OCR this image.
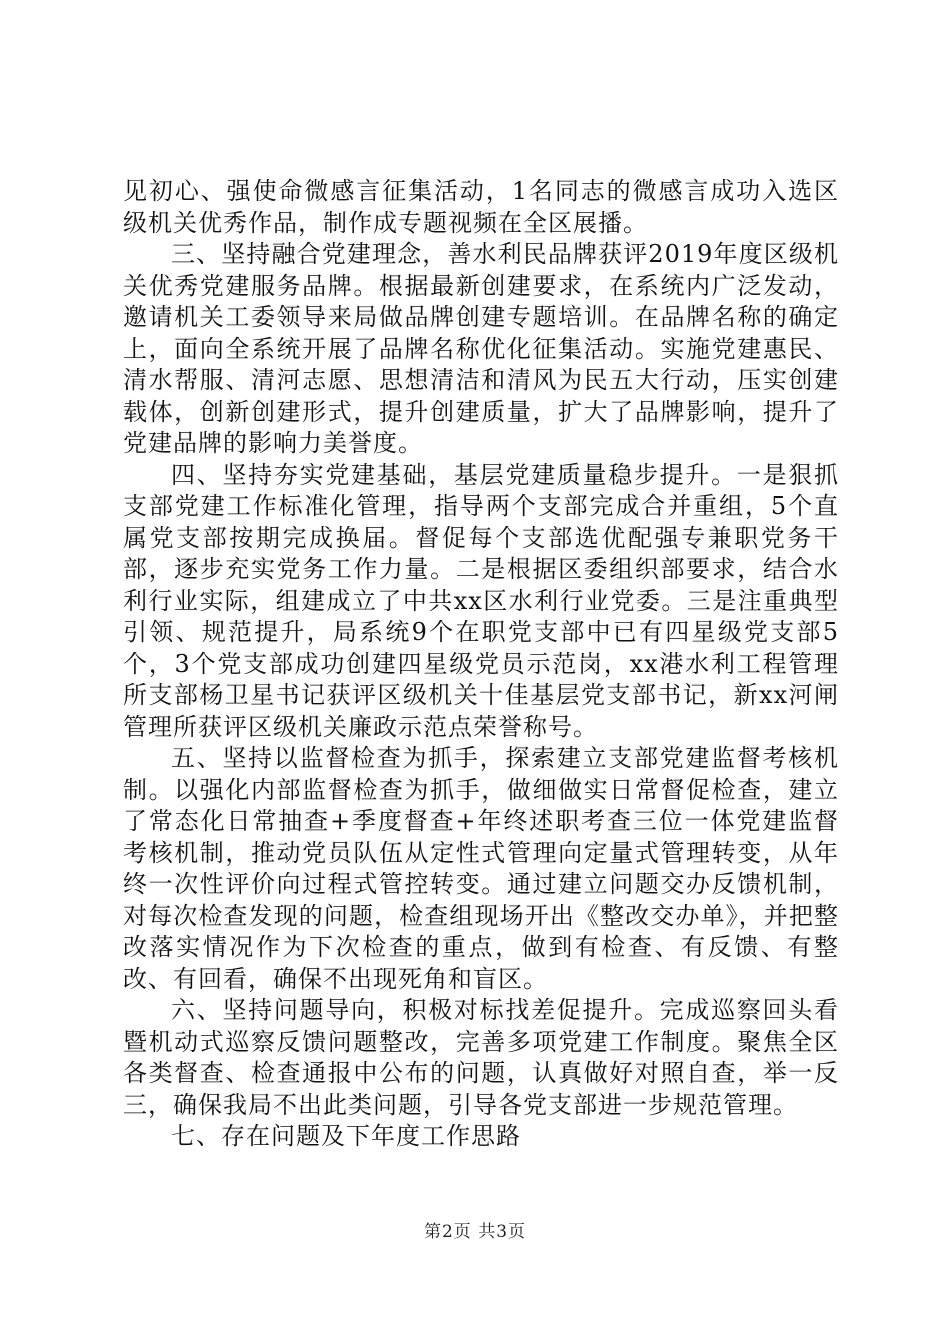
见初心、强使命微感言征集活动，1名同志的微感言成功入选区级机关优秀作品，制作成专题视频在全区展播。

三、坚持融合党建理念，善水利民品牌获评2019年度区级机关优秀党建服务品牌。根据最新创建要求，在系统内广泛发动，邀请机关工委领导来局做品牌创建专题培训。在品牌名称的确定上，面向全系统开展了品牌名称优化征集活动。实施党建惠民、清水帮服、清河志愿、思想清洁和清风为民五大行动，压实创建载体，创新创建形式，提升创建质量，扩大了品牌影响，提升了党建品牌的影响力美誉度。

四、坚持夯实党建基础，基层党建质量稳步提升。一是狠抓支部党建工作标准化管理，指导两个支部完成合并重组，5个直属党支部按期完成换届。督促每个支部选优配强专兼职党务干部，逐步充实党务工作力量。二是根据区委组织部要求，结合水利行业实际，组建成立了中共xx区水利行业党委。三是注重典型引领、规范提升，局系统9个在职党支部中已有四星级党支部5个，3个党支部成功创建四星级党员示范岗，xx港水利工程管理所支部杨卫星书记获评区级机关十佳基层党支部书记，新xx河闸管理所获评区级机关廉政示范点荣誉称号。

五、坚持以监督检查为抓手，探索建立支部党建监督考核机制。以强化内部监督检查为抓手，做细做实日常督促检查，建立了常态化日常抽查+季度督查+年终述职考查三位一体党建监督考核机制，推动党员队伍从定性式管理向定量式管理转变，从年终一次性评价向过程式管控转变。通过建立问题交办反馈机制，对每次检查发现的问题，检查组现场开出《整改交办单》，并把整改落实情况作为下次检查的重点，做到有检查、有反馈、有整改、有回看，确保不出现死角和盲区。

六、坚持问题导向，积极对标找差促提升。完成巡察回头看暨机动式巡察反馈问题整改，完善多项党建工作制度。聚焦全区各类督查、检查通报中公布的问题，认真做好对照自查，举一反三，确保我局不出此类问题，引导各党支部进一步规范管理。

七、存在问题及下年度工作思路

第2页 共3页
